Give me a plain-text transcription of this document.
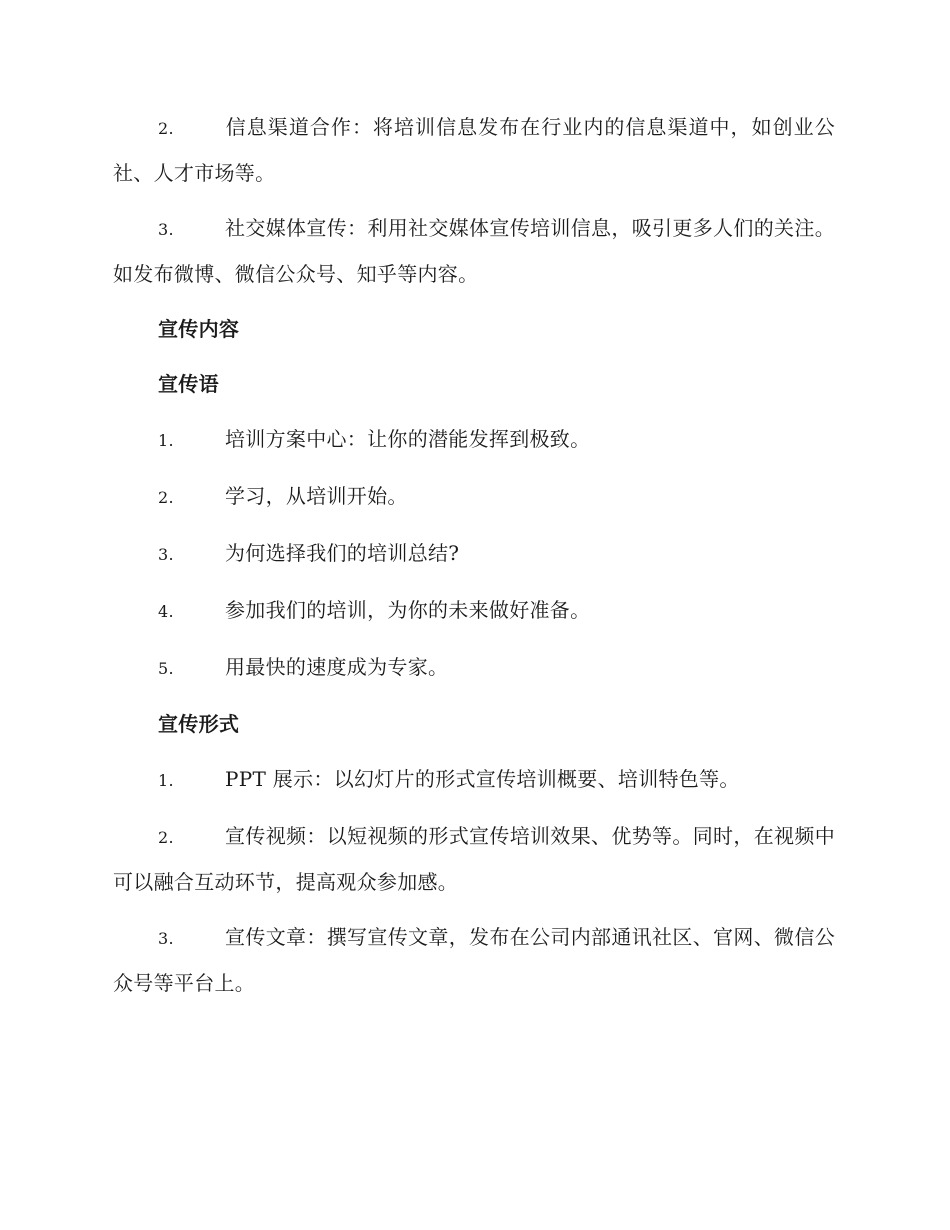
2.	信息渠道合作：将培训信息发布在行业内的信息渠道中，如创业公社、人才市场等。

3.	社交媒体宣传：利用社交媒体宣传培训信息，吸引更多人们的关注。如发布微博、微信公众号、知乎等内容。

宣传内容

宣传语

1.	培训方案中心：让你的潜能发挥到极致。

2.	学习，从培训开始。

3.	为何选择我们的培训总结?

4.	参加我们的培训，为你的未来做好准备。

5.	用最快的速度成为专家。

宣传形式

1.	PPT 展示：以幻灯片的形式宣传培训概要、培训特色等。

2.	宣传视频：以短视频的形式宣传培训效果、优势等。同时，在视频中可以融合互动环节，提高观众参加感。

3.	宣传文章：撰写宣传文章，发布在公司内部通讯社区、官网、微信公众号等平台上。
